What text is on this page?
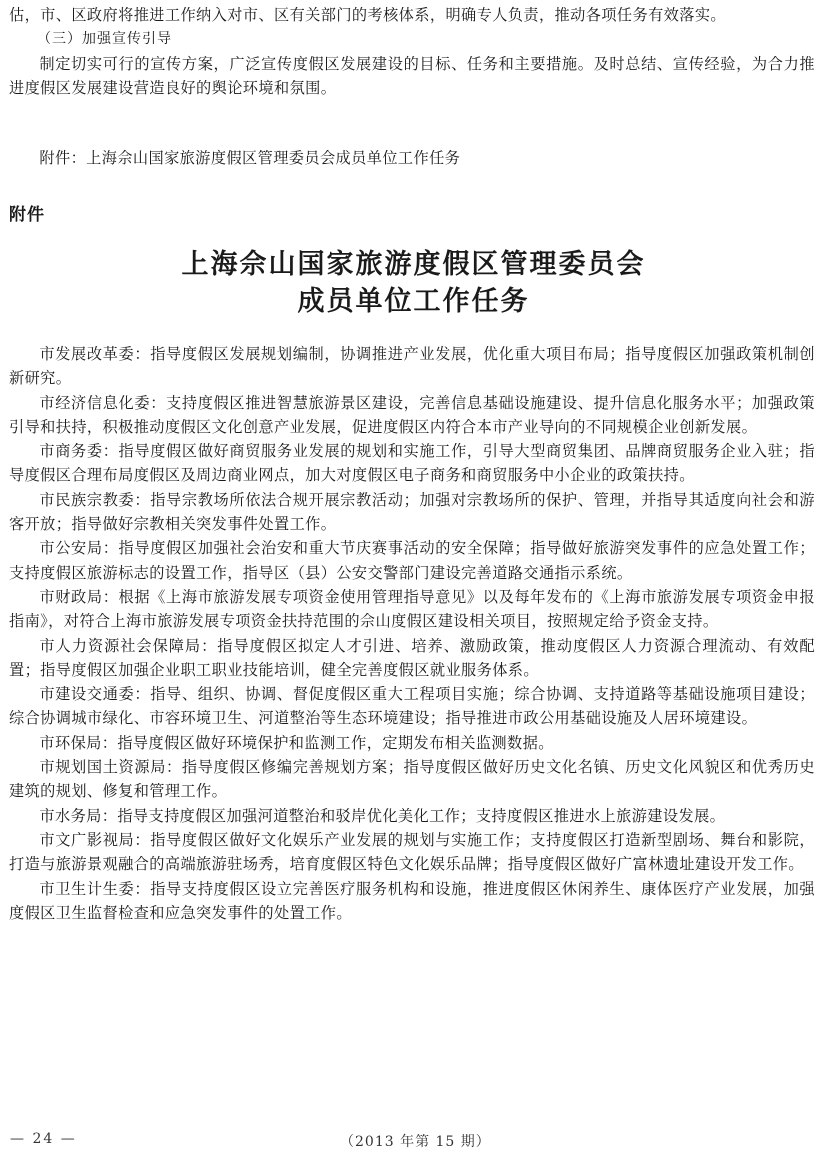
估，市、区政府将推进工作纳入对市、区有关部门的考核体系，明确专人负责，推动各项任务有效落实。

（三）加强宣传引导

制定切实可行的宣传方案，广泛宣传度假区发展建设的目标、任务和主要措施。及时总结、宣传经验，为合力推进度假区发展建设营造良好的舆论环境和氛围。

附件：上海佘山国家旅游度假区管理委员会成员单位工作任务

附件
上海佘山国家旅游度假区管理委员会
成员单位工作任务

市发展改革委：指导度假区发展规划编制，协调推进产业发展，优化重大项目布局；指导度假区加强政策机制创新研究。

市经济信息化委：支持度假区推进智慧旅游景区建设，完善信息基础设施建设、提升信息化服务水平；加强政策引导和扶持，积极推动度假区文化创意产业发展，促进度假区内符合本市产业导向的不同规模企业创新发展。

市商务委：指导度假区做好商贸服务业发展的规划和实施工作，引导大型商贸集团、品牌商贸服务企业入驻；指导度假区合理布局度假区及周边商业网点，加大对度假区电子商务和商贸服务中小企业的政策扶持。

市民族宗教委：指导宗教场所依法合规开展宗教活动；加强对宗教场所的保护、管理，并指导其适度向社会和游客开放；指导做好宗教相关突发事件处置工作。

市公安局：指导度假区加强社会治安和重大节庆赛事活动的安全保障；指导做好旅游突发事件的应急处置工作；支持度假区旅游标志的设置工作，指导区（县）公安交警部门建设完善道路交通指示系统。

市财政局：根据《上海市旅游发展专项资金使用管理指导意见》以及每年发布的《上海市旅游发展专项资金申报指南》，对符合上海市旅游发展专项资金扶持范围的佘山度假区建设相关项目，按照规定给予资金支持。

市人力资源社会保障局：指导度假区拟定人才引进、培养、激励政策，推动度假区人力资源合理流动、有效配置；指导度假区加强企业职工职业技能培训，健全完善度假区就业服务体系。

市建设交通委：指导、组织、协调、督促度假区重大工程项目实施；综合协调、支持道路等基础设施项目建设；综合协调城市绿化、市容环境卫生、河道整治等生态环境建设；指导推进市政公用基础设施及人居环境建设。

市环保局：指导度假区做好环境保护和监测工作，定期发布相关监测数据。

市规划国土资源局：指导度假区修编完善规划方案；指导度假区做好历史文化名镇、历史文化风貌区和优秀历史建筑的规划、修复和管理工作。

市水务局：指导支持度假区加强河道整治和驳岸优化美化工作；支持度假区推进水上旅游建设发展。

市文广影视局：指导度假区做好文化娱乐产业发展的规划与实施工作；支持度假区打造新型剧场、舞台和影院，打造与旅游景观融合的高端旅游驻场秀，培育度假区特色文化娱乐品牌；指导度假区做好广富林遗址建设开发工作。

市卫生计生委：指导支持度假区设立完善医疗服务机构和设施，推进度假区休闲养生、康体医疗产业发展，加强度假区卫生监督检查和应急突发事件的处置工作。

— 24 —	（2013 年第 15 期）
